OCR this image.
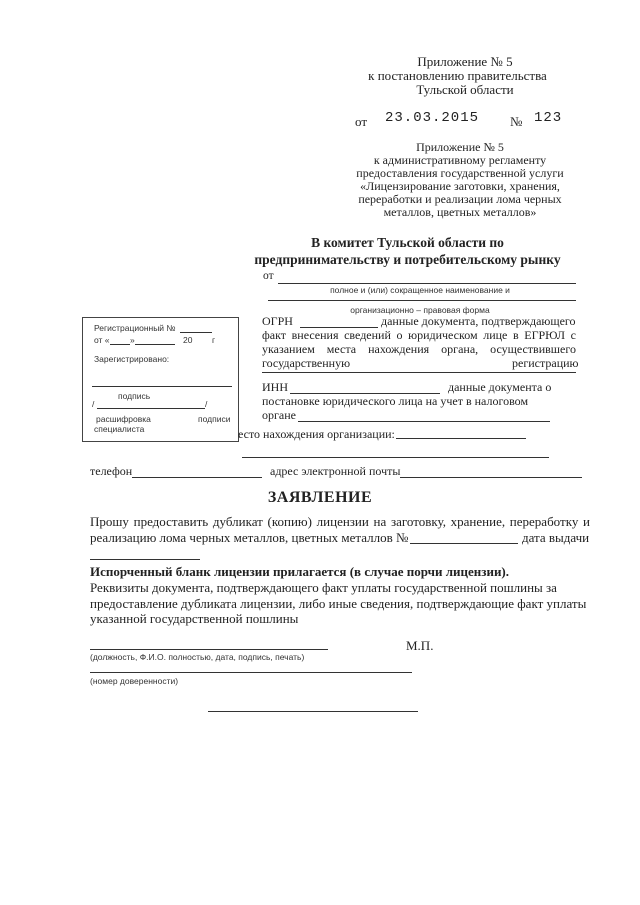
Приложение № 5
к постановлению правительства
Тульской области
от 23.03.2015 № 123
Приложение № 5
к административному регламенту
предоставления государственной услуги
«Лицензирование заготовки, хранения,
переработки и реализации лома черных
металлов, цветных металлов»
В комитет Тульской области по
предпринимательству и потребительскому рынку
от
полное и (или) сокращенное наименование и
организационно – правовая форма
ОГРН	данные документа, подтверждающего
факт внесения сведений о юридическом лице в ЕГРЮЛ с
указанием места нахождения органа, осуществившего
государственную	регистрацию
ИНН	данные документа о
постановке юридического лица на учет в налоговом
органе
Регистрационный №
от « »	20 г
Зарегистрировано:
подпись
/	/
расшифровка	подписи
специалиста	есто нахождения организации:
телефон	адрес электронной почты
ЗАЯВЛЕНИЕ
Прошу предоставить дубликат (копию) лицензии на заготовку, хранение, переработку и
реализацию лома черных металлов, цветных металлов №	дата выдачи
Испорченный бланк лицензии прилагается (в случае порчи лицензии).
Реквизиты документа, подтверждающего факт уплаты государственной пошлины за
предоставление дубликата лицензии, либо иные сведения, подтверждающие факт уплаты
указанной государственной пошлины
М.П.
(должность, Ф.И.О. полностью, дата, подпись, печать)
(номер доверенности)
